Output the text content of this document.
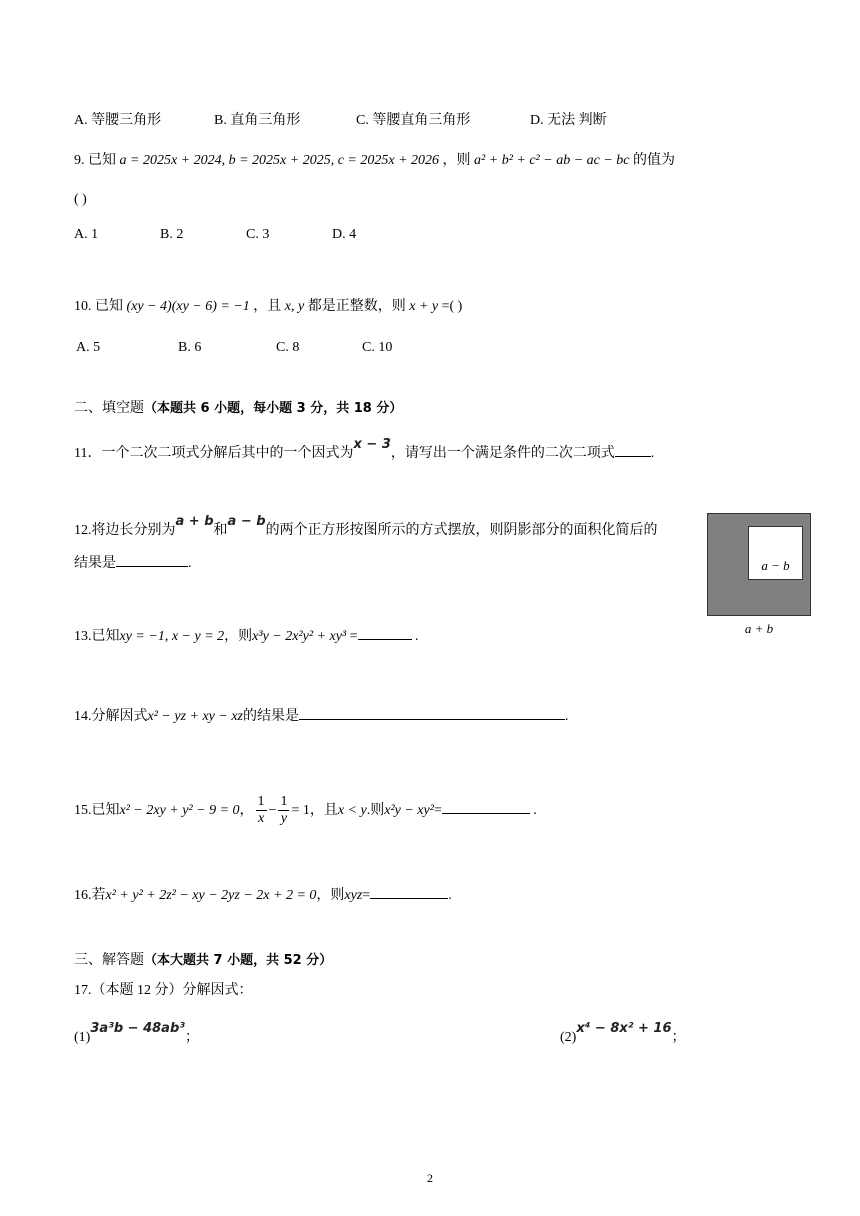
A. 等腰三角形	B. 直角三角形	C. 等腰直角三角形	D. 无法 判断
9. 已知 a = 2025x + 2024, b = 2025x + 2025, c = 2025x + 2026 ，则 a² + b² + c² − ab − ac − bc 的值为
( )
A. 1	B. 2	C. 3	D. 4
10. 已知 (xy − 4)(xy − 6) = −1 ，且 x, y 都是正整数，则 x + y =( )
A. 5	B. 6	C. 8	C. 10
二、填空题（本题共 6 小题，每小题 3 分，共 18 分）
11．一个二次二项式分解后其中的一个因式为x − 3，请写出一个满足条件的二次二项式	.
12.将边长分别为a + b和a − b的两个正方形按图所示的方式摆放，则阴影部分的面积化简后的
结果是	.	a − b
a + b
13.已知xy = −1, x − y = 2，则x³y − 2x²y² + xy³ =	.
14.分解因式x² − yz + xy − xz的结果是	.
15.已知x² − 2xy + y² − 9 = 0， $\frac{1}{x} - \frac{1}{y} = 1$，且x < y.则x²y − xy²=	.
16.若x² + y² + 2z² − xy − 2yz − 2x + 2 = 0，则xyz=	.
三、解答题（本大题共 7 小题，共 52 分）
17.（本题 12 分）分解因式：
(1)3a³b − 48ab³；	(2)x⁴ − 8x² + 16；
2
